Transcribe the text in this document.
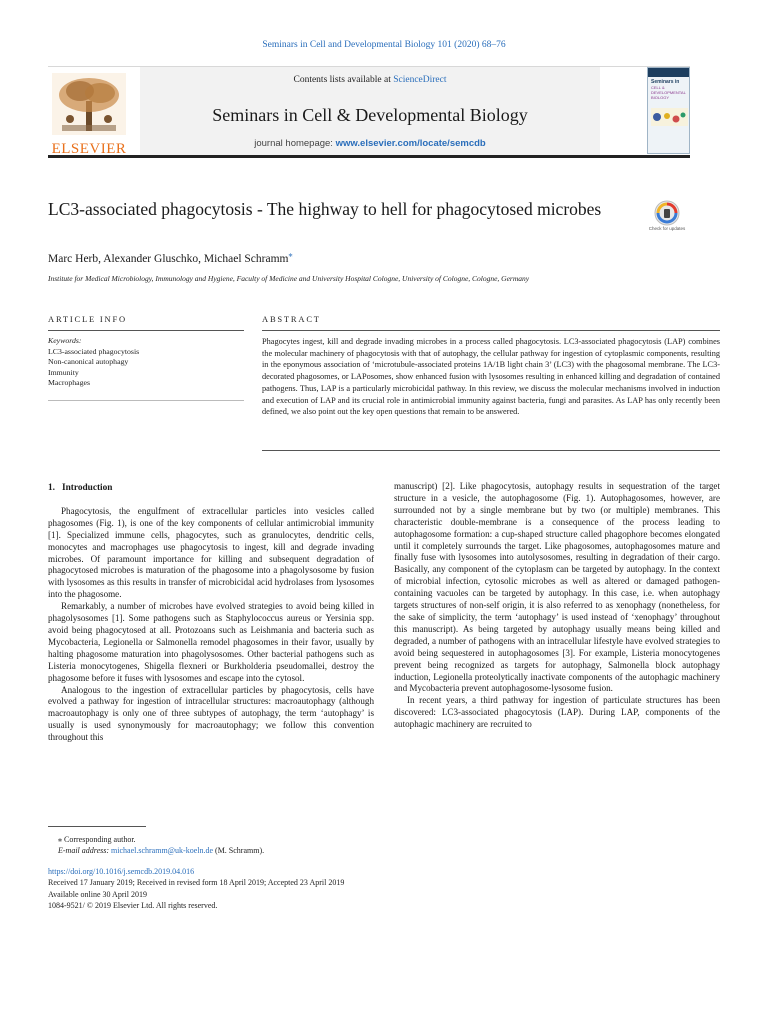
Seminars in Cell and Developmental Biology 101 (2020) 68–76
ELSEVIER
Contents lists available at ScienceDirect
Seminars in Cell & Developmental Biology
journal homepage: www.elsevier.com/locate/semcdb
Seminars in
CELL & DEVELOPMENTAL BIOLOGY
LC3-associated phagocytosis - The highway to hell for phagocytosed microbes
Check for updates
Marc Herb, Alexander Gluschko, Michael Schramm⁎
Institute for Medical Microbiology, Immunology and Hygiene, Faculty of Medicine and University Hospital Cologne, University of Cologne, Cologne, Germany
ARTICLE INFO
Keywords:
LC3-associated phagocytosis
Non-canonical autophagy
Immunity
Macrophages
ABSTRACT
Phagocytes ingest, kill and degrade invading microbes in a process called phagocytosis. LC3-associated phagocytosis (LAP) combines the molecular machinery of phagocytosis with that of autophagy, the cellular pathway for ingestion of cytoplasmic components, resulting in the eponymous association of ‘microtubule-associated proteins 1A/1B light chain 3’ (LC3) with the phagosomal membrane. The LC3-decorated phagosomes, or LAPosomes, show enhanced fusion with lysosomes resulting in enhanced killing and degradation of contained pathogens. Thus, LAP is a particularly microbicidal pathway. In this review, we discuss the molecular mechanisms involved in induction and execution of LAP and its crucial role in antimicrobial immunity against bacteria, fungi and parasites. As LAP has only recently been defined, we also point out the key open questions that remain to be answered.
1. Introduction

Phagocytosis, the engulfment of extracellular particles into vesicles called phagosomes (Fig. 1), is one of the key components of cellular antimicrobial immunity [1]. Specialized immune cells, phagocytes, such as granulocytes, dendritic cells, monocytes and macrophages use phagocytosis to ingest, kill and degrade invading microbes. Of paramount importance for killing and subsequent degradation of phagocytosed microbes is maturation of the phagosome into a phagolysosome by fusion with lysosomes as this results in transfer of microbicidal acid hydrolases from lysosomes into the phagosome.

Remarkably, a number of microbes have evolved strategies to avoid being killed in phagolysosomes [1]. Some pathogens such as Staphylococcus aureus or Yersinia spp. avoid being phagocytosed at all. Protozoans such as Leishmania and bacteria such as Mycobacteria, Legionella or Salmonella remodel phagosomes in their favor, usually by halting phagosome maturation into phagolysosomes. Other bacterial pathogens such as Listeria monocytogenes, Shigella flexneri or Burkholderia pseudomallei, destroy the phagosome before it fuses with lysosomes and escape into the cytosol.

Analogous to the ingestion of extracellular particles by phagocytosis, cells have evolved a pathway for ingestion of intracellular structures: macroautophagy (although macroautophagy is only one of three subtypes of autophagy, the term ‘autophagy’ is usually is used synonymously for macroautophagy; we follow this convention throughout this

manuscript) [2]. Like phagocytosis, autophagy results in sequestration of the target structure in a vesicle, the autophagosome (Fig. 1). Autophagosomes, however, are surrounded not by a single membrane but by two (or multiple) membranes. This characteristic double-membrane is a consequence of the process leading to autophagosome formation: a cup-shaped structure called phagophore becomes elongated until it completely surrounds the target. Like phagosomes, autophagosomes mature and finally fuse with lysosomes into autolysosomes, resulting in degradation of their cargo. Basically, any component of the cytoplasm can be targeted by autophagy. In the context of microbial infection, cytosolic microbes as well as altered or damaged pathogen-containing vacuoles can be targeted by autophagy. In this case, i.e. when autophagy targets structures of non-self origin, it is also referred to as xenophagy (nonetheless, for the sake of simplicity, the term ‘autophagy’ is used instead of ‘xenophagy’ throughout this manuscript). As being targeted by autophagy usually means being killed and degraded, a number of pathogens with an intracellular lifestyle have evolved strategies to avoid being sequestered in autophagosomes [3]. For example, Listeria monocytogenes prevent being recognized as targets for autophagy, Salmonella block autophagy induction, Legionella proteolytically inactivate components of the autophagic machinery and Mycobacteria prevent autophagosome-lysosome fusion.

In recent years, a third pathway for ingestion of particulate structures has been discovered: LC3-associated phagocytosis (LAP). During LAP, components of the autophagic machinery are recruited to

⁎ Corresponding author.
E-mail address: michael.schramm@uk-koeln.de (M. Schramm).
https://doi.org/10.1016/j.semcdb.2019.04.016
Received 17 January 2019; Received in revised form 18 April 2019; Accepted 23 April 2019
Available online 30 April 2019
1084-9521/ © 2019 Elsevier Ltd. All rights reserved.
